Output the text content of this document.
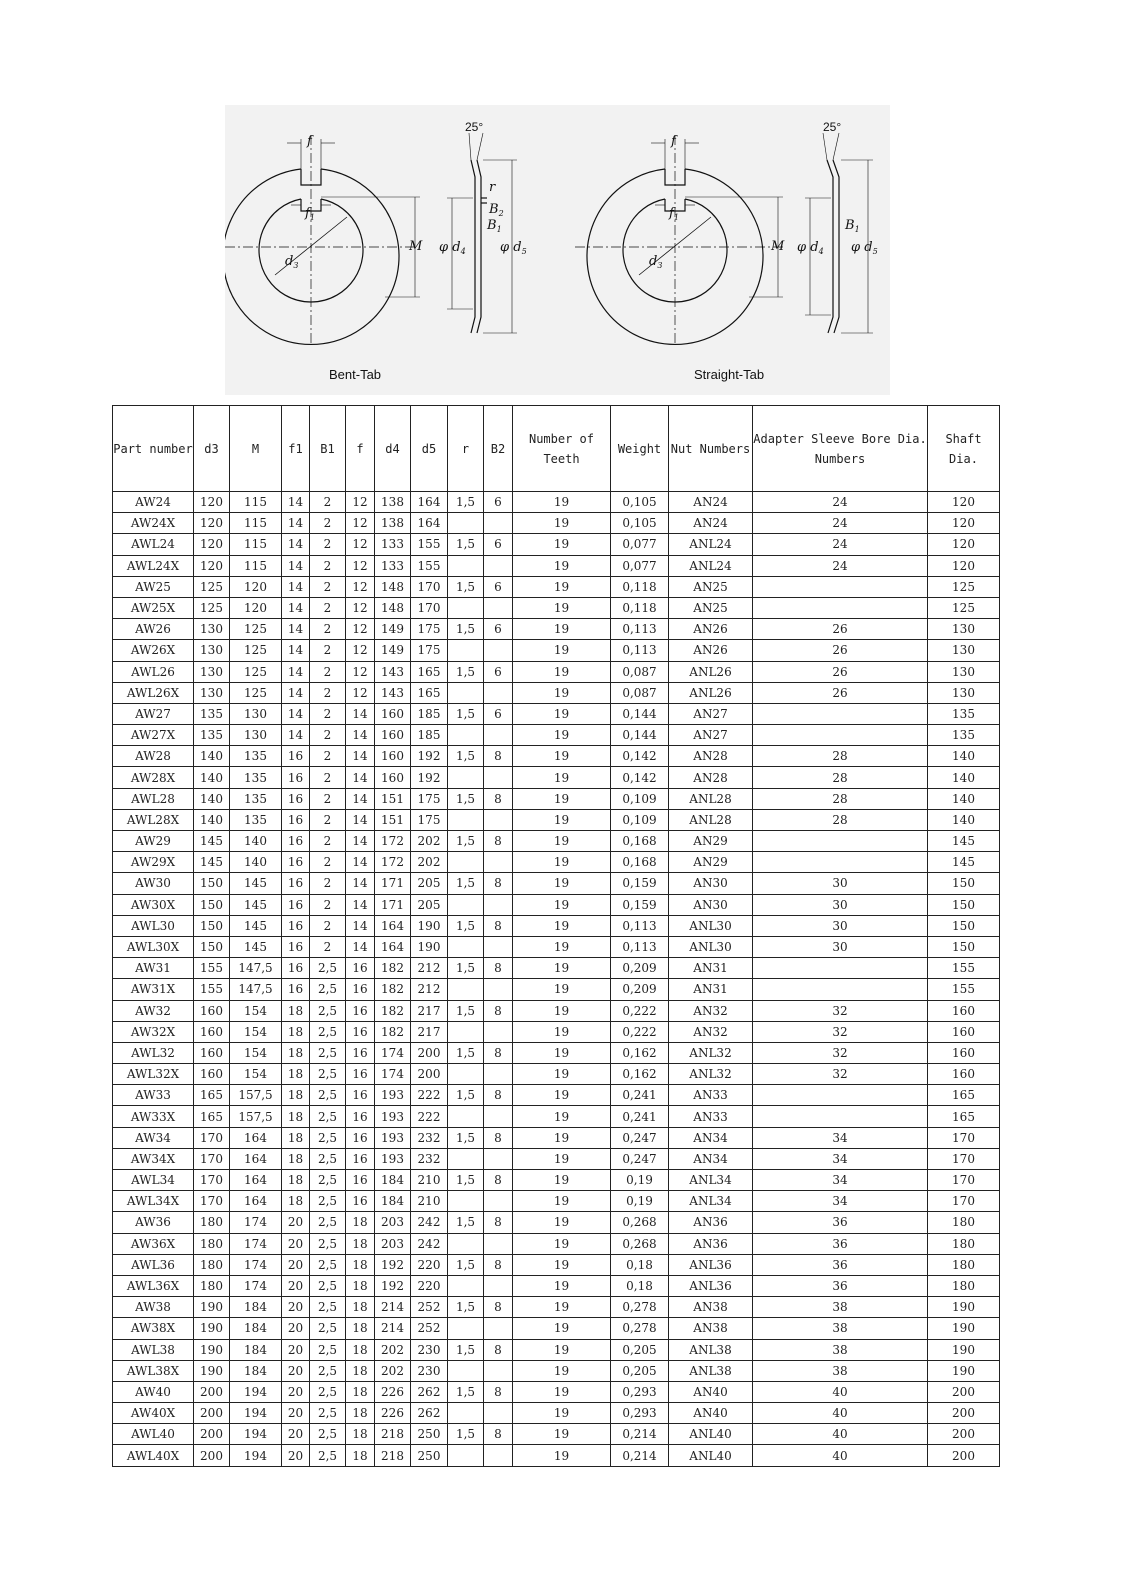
f
$f_1$
$d_3$
M
25°
r
$B_2$
$B_1$
φ $d_4$	φ $d_5$
f
$f_1$
$d_3$
M
25°
$B_1$
φ $d_4$ φ $d_5$
Bent-Tab	Straight-Tab
Part number	d3	M	f1	B1	f	d4	d5	r	B2	Number of Teeth	Weight	Nut Numbers	Adapter Sleeve Bore Dia. Numbers	Shaft Dia.
AW24	120	115	14	2	12	138	164	1,5	6	19	0,105	AN24	24	120
AW24X	120	115	14	2	12	138	164			19	0,105	AN24	24	120
AWL24	120	115	14	2	12	133	155	1,5	6	19	0,077	ANL24	24	120
AWL24X	120	115	14	2	12	133	155			19	0,077	ANL24	24	120
AW25	125	120	14	2	12	148	170	1,5	6	19	0,118	AN25		125
AW25X	125	120	14	2	12	148	170			19	0,118	AN25		125
AW26	130	125	14	2	12	149	175	1,5	6	19	0,113	AN26	26	130
AW26X	130	125	14	2	12	149	175			19	0,113	AN26	26	130
AWL26	130	125	14	2	12	143	165	1,5	6	19	0,087	ANL26	26	130
AWL26X	130	125	14	2	12	143	165			19	0,087	ANL26	26	130
AW27	135	130	14	2	14	160	185	1,5	6	19	0,144	AN27		135
AW27X	135	130	14	2	14	160	185			19	0,144	AN27		135
AW28	140	135	16	2	14	160	192	1,5	8	19	0,142	AN28	28	140
AW28X	140	135	16	2	14	160	192			19	0,142	AN28	28	140
AWL28	140	135	16	2	14	151	175	1,5	8	19	0,109	ANL28	28	140
AWL28X	140	135	16	2	14	151	175			19	0,109	ANL28	28	140
AW29	145	140	16	2	14	172	202	1,5	8	19	0,168	AN29		145
AW29X	145	140	16	2	14	172	202			19	0,168	AN29		145
AW30	150	145	16	2	14	171	205	1,5	8	19	0,159	AN30	30	150
AW30X	150	145	16	2	14	171	205			19	0,159	AN30	30	150
AWL30	150	145	16	2	14	164	190	1,5	8	19	0,113	ANL30	30	150
AWL30X	150	145	16	2	14	164	190			19	0,113	ANL30	30	150
AW31	155	147,5	16	2,5	16	182	212	1,5	8	19	0,209	AN31		155
AW31X	155	147,5	16	2,5	16	182	212			19	0,209	AN31		155
AW32	160	154	18	2,5	16	182	217	1,5	8	19	0,222	AN32	32	160
AW32X	160	154	18	2,5	16	182	217			19	0,222	AN32	32	160
AWL32	160	154	18	2,5	16	174	200	1,5	8	19	0,162	ANL32	32	160
AWL32X	160	154	18	2,5	16	174	200			19	0,162	ANL32	32	160
AW33	165	157,5	18	2,5	16	193	222	1,5	8	19	0,241	AN33		165
AW33X	165	157,5	18	2,5	16	193	222			19	0,241	AN33		165
AW34	170	164	18	2,5	16	193	232	1,5	8	19	0,247	AN34	34	170
AW34X	170	164	18	2,5	16	193	232			19	0,247	AN34	34	170
AWL34	170	164	18	2,5	16	184	210	1,5	8	19	0,19	ANL34	34	170
AWL34X	170	164	18	2,5	16	184	210			19	0,19	ANL34	34	170
AW36	180	174	20	2,5	18	203	242	1,5	8	19	0,268	AN36	36	180
AW36X	180	174	20	2,5	18	203	242			19	0,268	AN36	36	180
AWL36	180	174	20	2,5	18	192	220	1,5	8	19	0,18	ANL36	36	180
AWL36X	180	174	20	2,5	18	192	220			19	0,18	ANL36	36	180
AW38	190	184	20	2,5	18	214	252	1,5	8	19	0,278	AN38	38	190
AW38X	190	184	20	2,5	18	214	252			19	0,278	AN38	38	190
AWL38	190	184	20	2,5	18	202	230	1,5	8	19	0,205	ANL38	38	190
AWL38X	190	184	20	2,5	18	202	230			19	0,205	ANL38	38	190
AW40	200	194	20	2,5	18	226	262	1,5	8	19	0,293	AN40	40	200
AW40X	200	194	20	2,5	18	226	262			19	0,293	AN40	40	200
AWL40	200	194	20	2,5	18	218	250	1,5	8	19	0,214	ANL40	40	200
AWL40X	200	194	20	2,5	18	218	250			19	0,214	ANL40	40	200
